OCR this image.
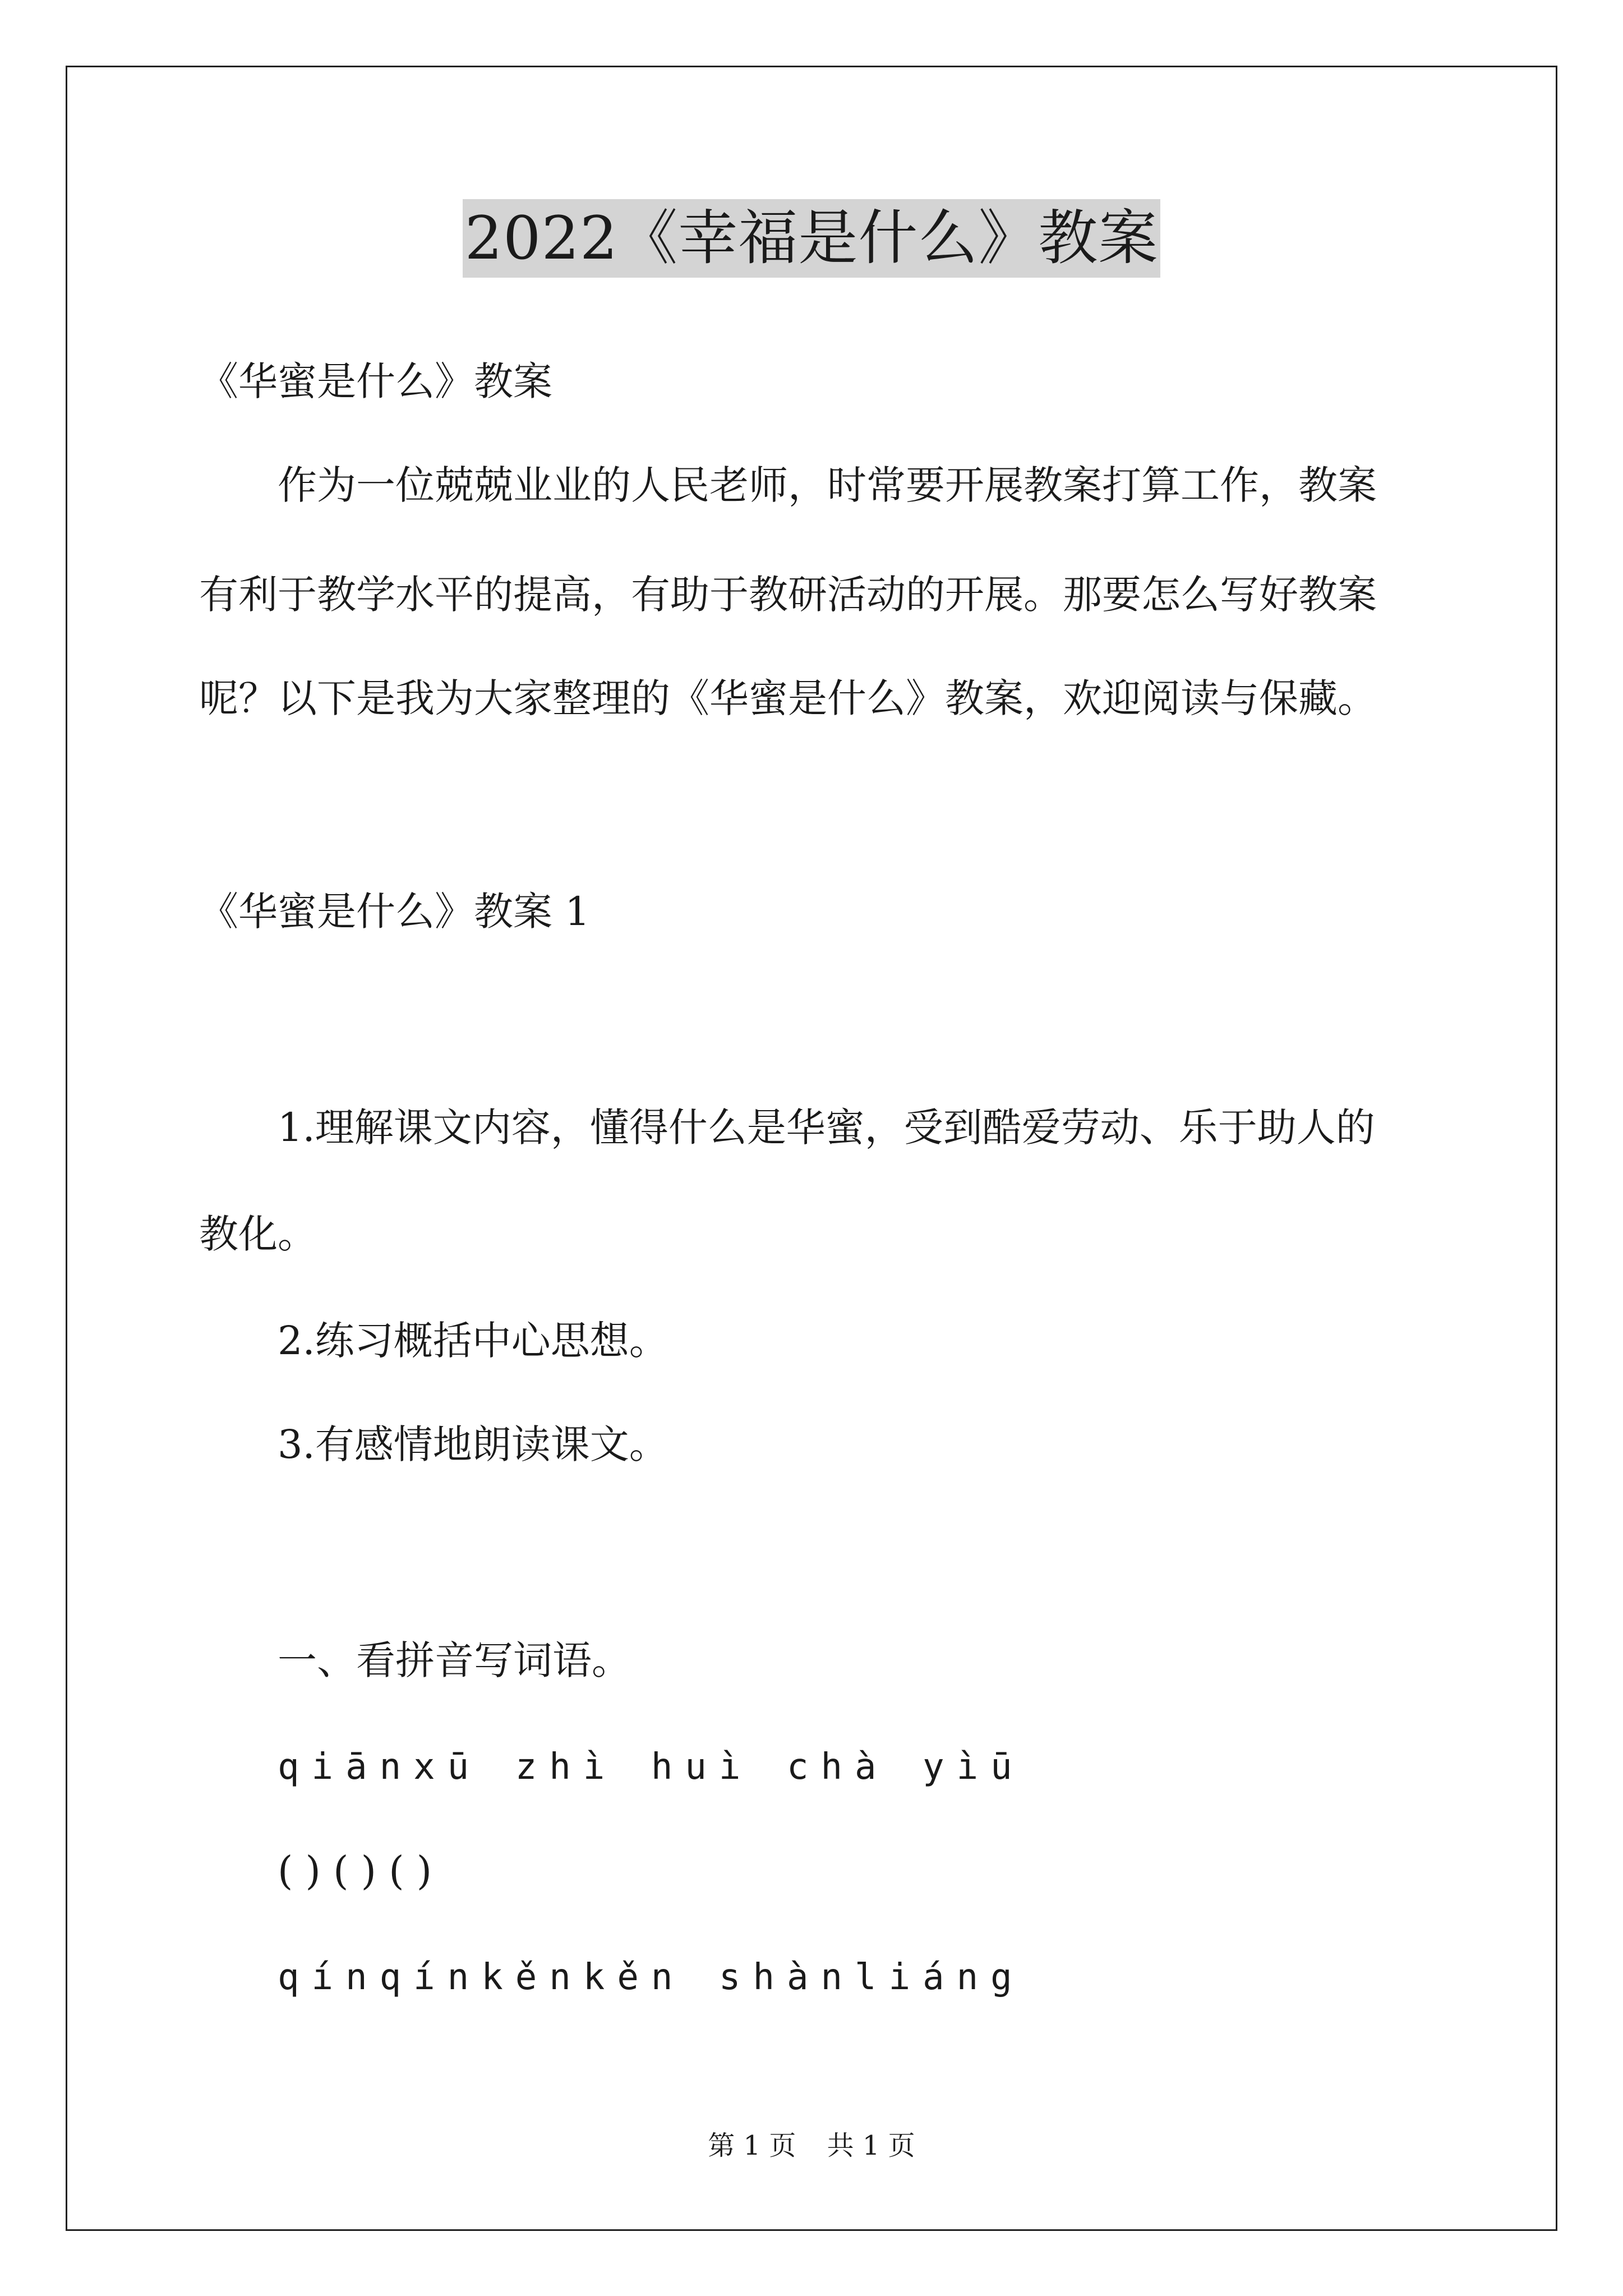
2022《幸福是什么》教案
《华蜜是什么》教案
作为一位兢兢业业的人民老师，时常要开展教案打算工作，教案
有利于教学水平的提高，有助于教研活动的开展。那要怎么写好教案
呢？以下是我为大家整理的《华蜜是什么》教案，欢迎阅读与保藏。
《华蜜是什么》教案 1
1.理解课文内容，懂得什么是华蜜，受到酷爱劳动、乐于助人的
教化。
2.练习概括中心思想。
3.有感情地朗读课文。
一、看拼音写词语。
qiānxū zhì huì chà yìū
( ) ( ) ( )
qínqínkěnkěn shànliáng
第 1 页 共 1 页
